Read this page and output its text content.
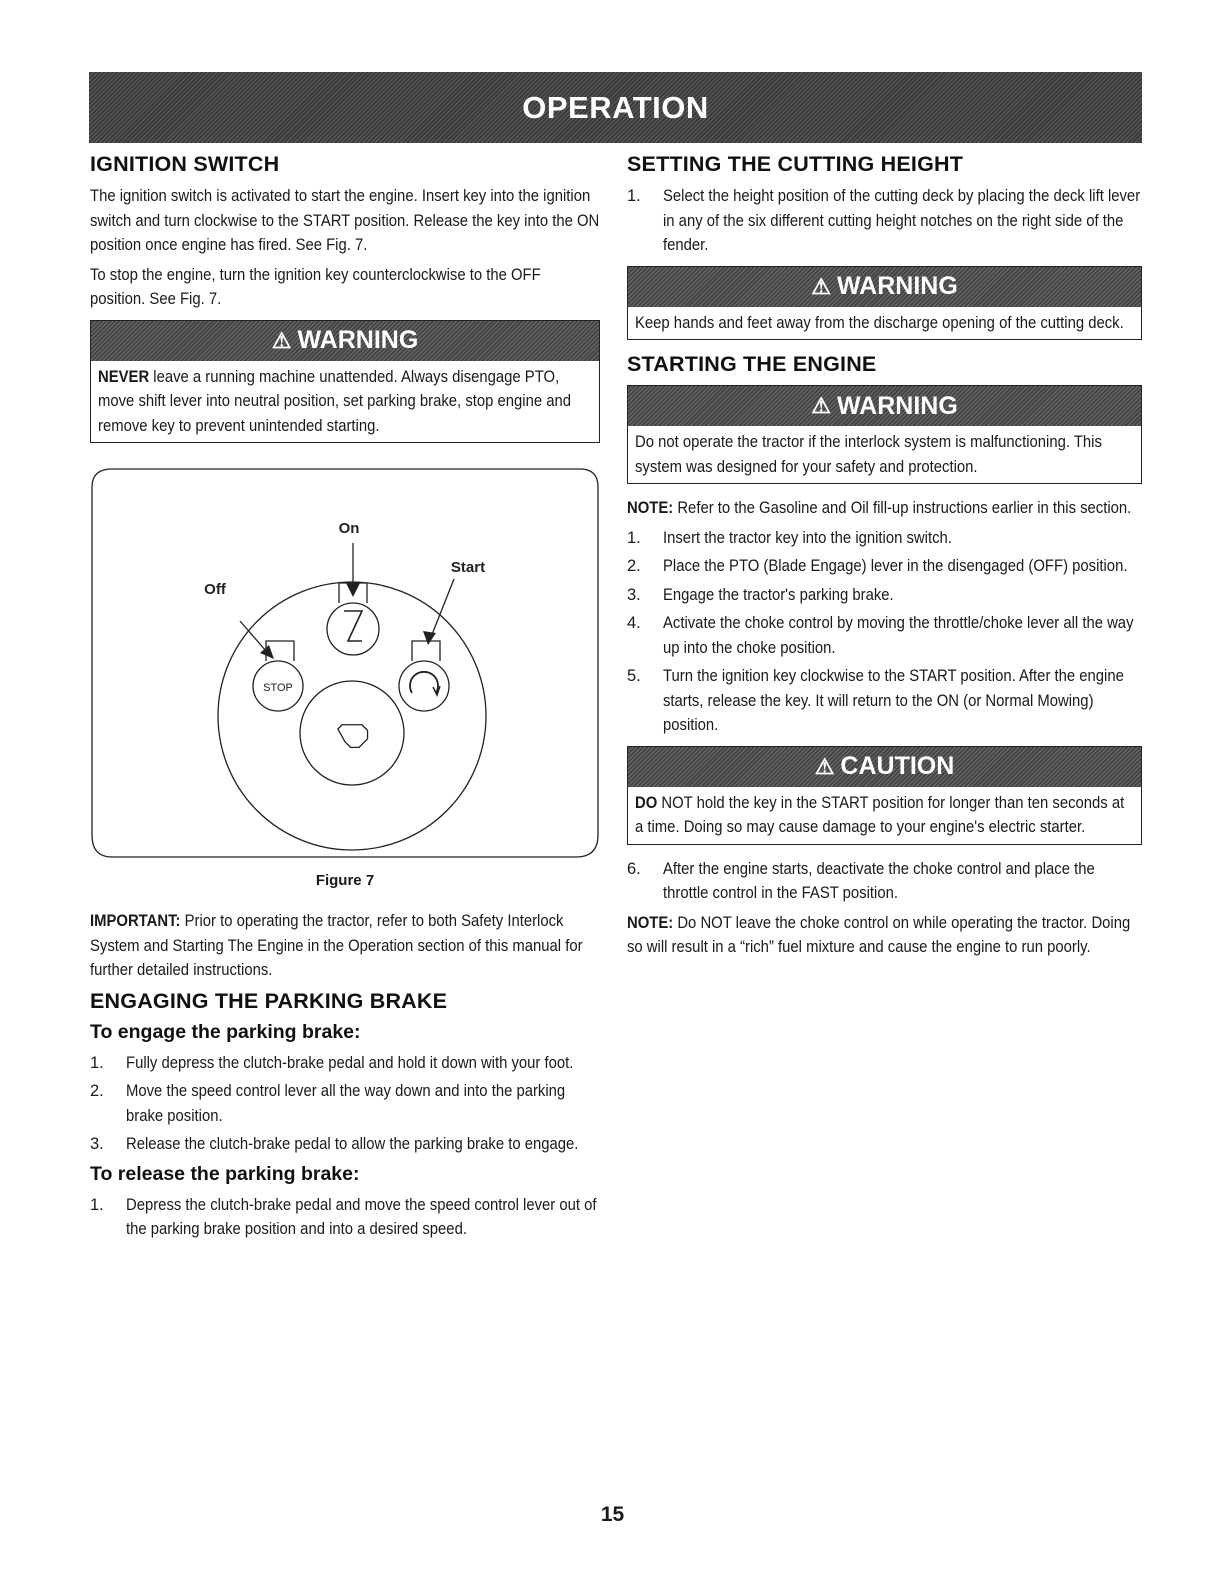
OPERATION
IGNITION SWITCH

The ignition switch is activated to start the engine. Insert key into the ignition switch and turn clockwise to the START position. Release the key into the ON position once engine has fired. See Fig. 7.

To stop the engine, turn the ignition key counterclockwise to the OFF position. See Fig. 7.

⚠ WARNING
NEVER leave a running machine unattended. Always disengage PTO, move shift lever into neutral position, set parking brake, stop engine and remove key to prevent unintended starting.
STOP
On
Start
Off
Figure 7

IMPORTANT: Prior to operating the tractor, refer to both Safety Interlock System and Starting The Engine in the Operation section of this manual for further detailed instructions.

ENGAGING THE PARKING BRAKE
To engage the parking brake:
1. Fully depress the clutch-brake pedal and hold it down with your foot.
2. Move the speed control lever all the way down and into the parking brake position.
3. Release the clutch-brake pedal to allow the parking brake to engage.
To release the parking brake:
1. Depress the clutch-brake pedal and move the speed control lever out of the parking brake position and into a desired speed.
SETTING THE CUTTING HEIGHT
1. Select the height position of the cutting deck by placing the deck lift lever in any of the six different cutting height notches on the right side of the fender.
⚠ WARNING
Keep hands and feet away from the discharge opening of the cutting deck.
STARTING THE ENGINE
⚠ WARNING
Do not operate the tractor if the interlock system is malfunctioning. This system was designed for your safety and protection.

NOTE: Refer to the Gasoline and Oil fill-up instructions earlier in this section.

1. Insert the tractor key into the ignition switch.
2. Place the PTO (Blade Engage) lever in the disengaged (OFF) position.
3. Engage the tractor's parking brake.
4. Activate the choke control by moving the throttle/choke lever all the way up into the choke position.
5. Turn the ignition key clockwise to the START position. After the engine starts, release the key. It will return to the ON (or Normal Mowing) position.
⚠ CAUTION
DO NOT hold the key in the START position for longer than ten seconds at a time. Doing so may cause damage to your engine's electric starter.
6. After the engine starts, deactivate the choke control and place the throttle control in the FAST position.

NOTE: Do NOT leave the choke control on while operating the tractor. Doing so will result in a “rich” fuel mixture and cause the engine to run poorly.

15
